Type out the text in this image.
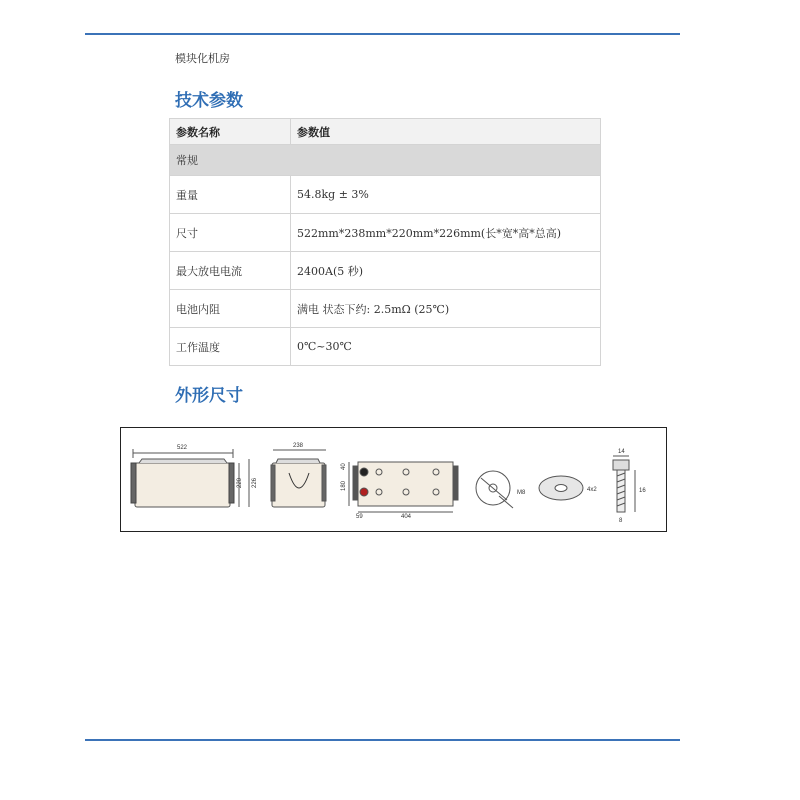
模块化机房
技术参数
参数名称	参数值
常规	
重量	54.8kg ± 3%
尺寸	522mm*238mm*220mm*226mm(长*宽*高*总高)
最大放电电流	2400A(5 秒)
电池内阻	满电 状态下约: 2.5mΩ (25℃)
工作温度	0℃~30℃
外形尺寸
522
220 226
238
40
180
59	404
M8	4x2
14
16
8
